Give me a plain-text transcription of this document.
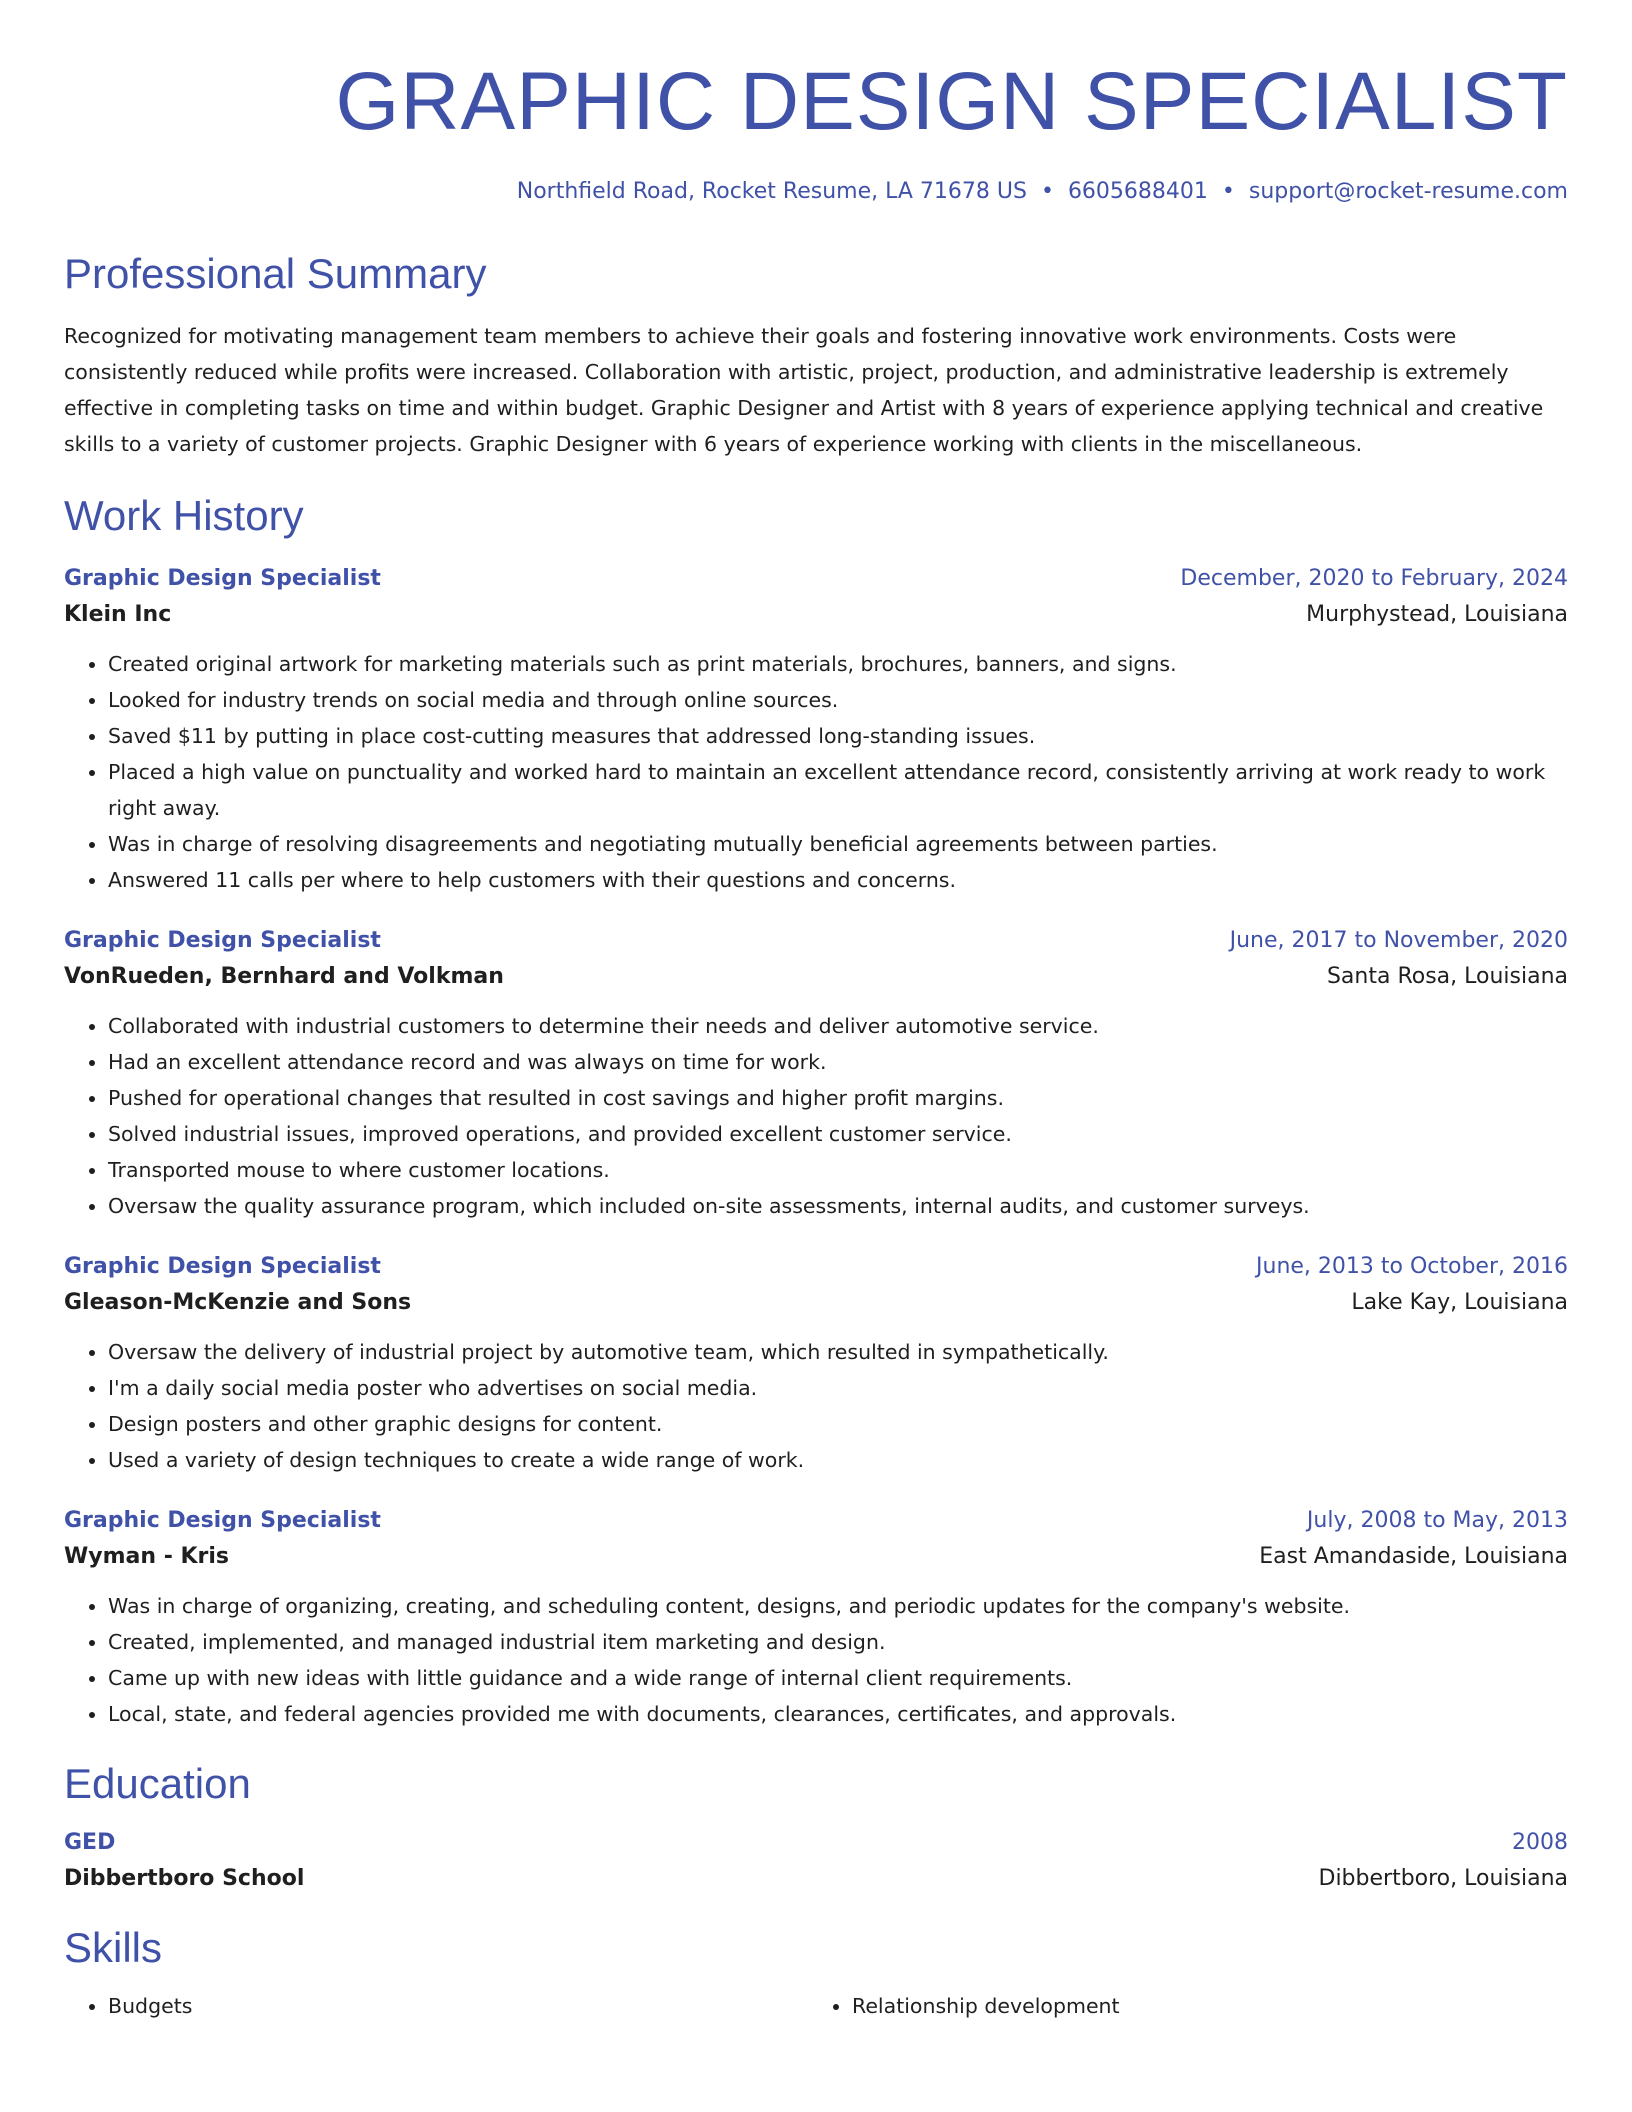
GRAPHIC DESIGN SPECIALIST
Northfield Road, Rocket Resume, LA 71678 US • 6605688401 • support@rocket-resume.com
Professional Summary

Recognized for motivating management team members to achieve their goals and fostering innovative work environments. Costs were consistently reduced while profits were increased. Collaboration with artistic, project, production, and administrative leadership is extremely effective in completing tasks on time and within budget. Graphic Designer and Artist with 8 years of experience applying technical and creative skills to a variety of customer projects. Graphic Designer with 6 years of experience working with clients in the miscellaneous.

Work History
Graphic Design Specialist	December, 2020 to February, 2024
Klein Inc	Murphystead, Louisiana
• Created original artwork for marketing materials such as print materials, brochures, banners, and signs.
• Looked for industry trends on social media and through online sources.
• Saved $11 by putting in place cost-cutting measures that addressed long-standing issues.
• Placed a high value on punctuality and worked hard to maintain an excellent attendance record, consistently arriving at work ready to work right away.
• Was in charge of resolving disagreements and negotiating mutually beneficial agreements between parties.
• Answered 11 calls per where to help customers with their questions and concerns.
Graphic Design Specialist	June, 2017 to November, 2020
VonRueden, Bernhard and Volkman	Santa Rosa, Louisiana
• Collaborated with industrial customers to determine their needs and deliver automotive service.
• Had an excellent attendance record and was always on time for work.
• Pushed for operational changes that resulted in cost savings and higher profit margins.
• Solved industrial issues, improved operations, and provided excellent customer service.
• Transported mouse to where customer locations.
• Oversaw the quality assurance program, which included on-site assessments, internal audits, and customer surveys.
Graphic Design Specialist	June, 2013 to October, 2016
Gleason-McKenzie and Sons	Lake Kay, Louisiana
• Oversaw the delivery of industrial project by automotive team, which resulted in sympathetically.
• I'm a daily social media poster who advertises on social media.
• Design posters and other graphic designs for content.
• Used a variety of design techniques to create a wide range of work.
Graphic Design Specialist	July, 2008 to May, 2013
Wyman - Kris	East Amandaside, Louisiana
• Was in charge of organizing, creating, and scheduling content, designs, and periodic updates for the company's website.
• Created, implemented, and managed industrial item marketing and design.
• Came up with new ideas with little guidance and a wide range of internal client requirements.
• Local, state, and federal agencies provided me with documents, clearances, certificates, and approvals.
Education
GED	2008
Dibbertboro School	Dibbertboro, Louisiana
Skills
• Budgets
•	Relationship development
